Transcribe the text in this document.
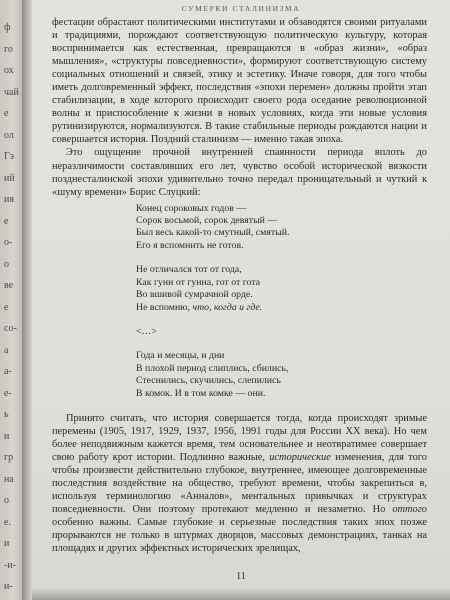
ф
го
ох
чай
е
ол
Гэ
ий
ия
е
о-
о
ве
е
со-
а
а-
е-
ь
и
гр
на
о
е.
и
-и-
и-
СУМЕРКИ СТАЛИНИЗМА

фестации обрастают политическими институтами и обзаводятся своими ритуалами и традициями, порождают соответствующую политическую культуру, которая воспринимается как естественная, превращаются в «образ жизни», «образ мышления», «структуры повседневности», формируют соответствующую систему социальных отношений и связей, этику и эстетику. Иначе говоря, для того чтобы иметь долговременный эффект, последствия «эпохи перемен» должны пройти этап стабилизации, в ходе которого происходит своего рода оседание революционной волны и приспособление к жизни в новых условиях, когда эти новые условия рутинизируются, нормализуются. В такие стабильные периоды рождаются нации и совершается история. Поздний сталинизм — именно такая эпоха.

Это ощущение прочной внутренней спаянности периода вплоть до неразличимости составлявших его лет, чувство особой исторической вязкости позднесталинской эпохи удивительно точно передал проницательный и чуткий к «шуму времени» Борис Слуцкий:

Конец сороковых годов —
Сорок восьмой, сорок девятый —
Был весь какой-то смутный, смятый.
Его я вспомнить не готов.
Не отличался тот от года,
Как гунн от гунна, гот от гота
Во вшивой сумрачной орде.
Не вспомню, что, когда и где.
<…>
Года и месяцы, и дни
В плохой период слиплись, сбились,
Стеснились, скучились, слепились
В комок. И в том комке — они.

Принято считать, что история совершается тогда, когда происходят зримые перемены (1905, 1917, 1929, 1937, 1956, 1991 годы для России XX века). Но чем более неподвижным кажется время, тем основательнее и неотвратимее совершает свою работу крот истории. Подлинно важные, исторические изменения, для того чтобы произвести действительно глубокое, внутреннее, имеющее долговременные последствия воздействие на общество, требуют времени, чтобы закрепиться в, используя терминологию «Анналов», ментальных привычках и структурах повседневности. Они поэтому протекают медленно и незаметно. Но оттого особенно важны. Самые глубокие и серьезные последствия таких эпох позже прорываются не только в штурмах дворцов, массовых демонстрациях, танках на площадях и других эффектных исторических зрелищах,

11
